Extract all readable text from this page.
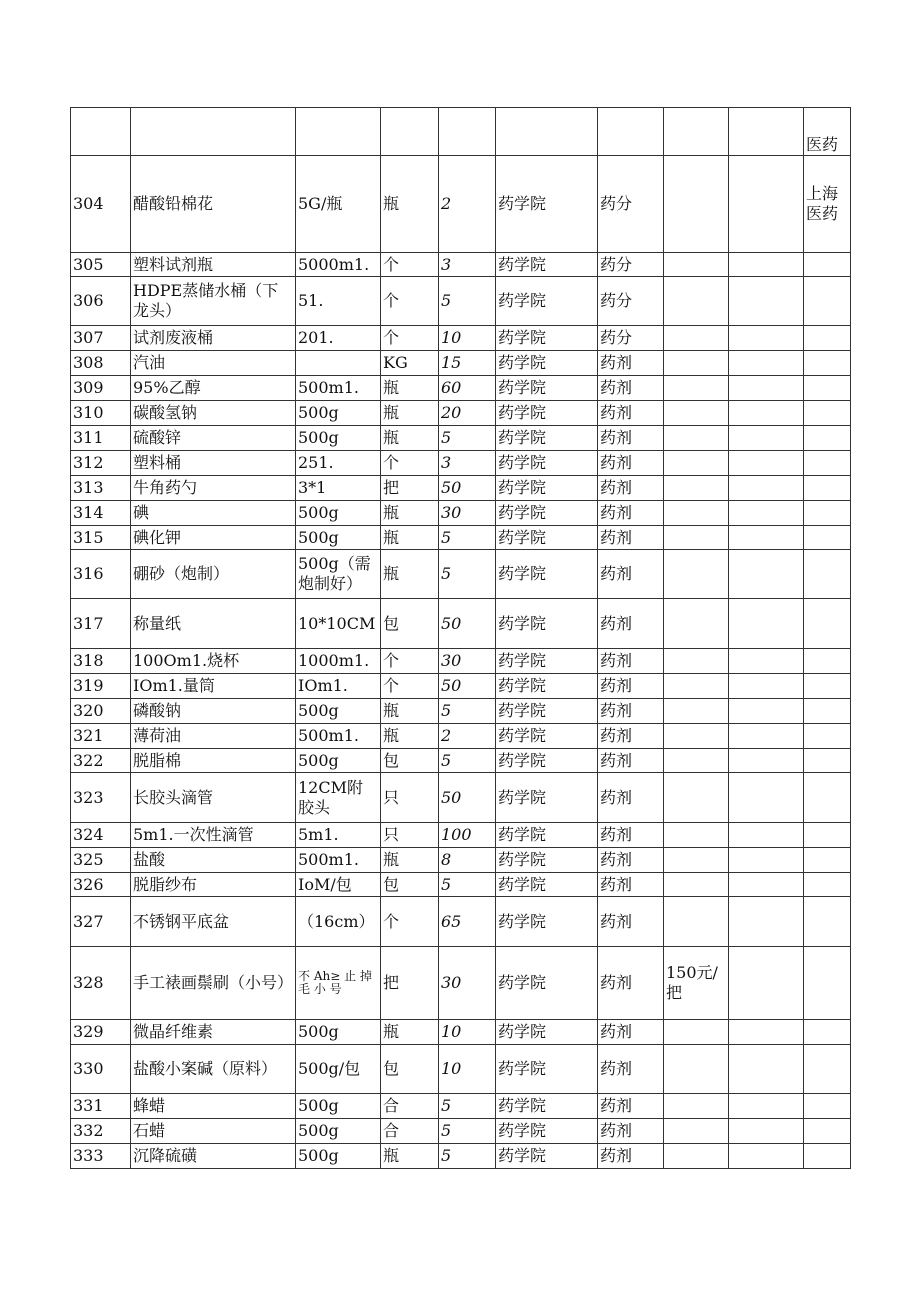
									医药
304	醋酸铅棉花	5G/瓶	瓶	2	药学院	药分			上海医药
305	塑料试剂瓶	5000m1.	个	3	药学院	药分			
306	HDPE蒸储水桶（下龙头）	51.	个	5	药学院	药分			
307	试剂废液桶	201.	个	10	药学院	药分			
308	汽油		KG	15	药学院	药剂			
309	95%乙醇	500m1.	瓶	60	药学院	药剂			
310	碳酸氢钠	500g	瓶	20	药学院	药剂			
311	硫酸锌	500g	瓶	5	药学院	药剂			
312	塑料桶	251.	个	3	药学院	药剂			
313	牛角药勺	3*1	把	50	药学院	药剂			
314	碘	500g	瓶	30	药学院	药剂			
315	碘化钾	500g	瓶	5	药学院	药剂			
316	硼砂（炮制）	500g（需炮制好）	瓶	5	药学院	药剂			
317	称量纸	10*10CM	包	50	药学院	药剂			
318	100Om1.烧杯	1000m1.	个	30	药学院	药剂			
319	IOm1.量筒	IOm1.	个	50	药学院	药剂			
320	磷酸钠	500g	瓶	5	药学院	药剂			
321	薄荷油	500m1.	瓶	2	药学院	药剂			
322	脱脂棉	500g	包	5	药学院	药剂			
323	长胶头滴管	12CM附胶头	只	50	药学院	药剂			
324	5m1.一次性滴管	5m1.	只	100	药学院	药剂			
325	盐酸	500m1.	瓶	8	药学院	药剂			
326	脱脂纱布	IoM/包	包	5	药学院	药剂			
327	不锈钢平底盆	（16cm）	个	65	药学院	药剂			
328	手工裱画鬃刷（小号）	不 Ah≥ 止 掉 毛 小 号	把	30	药学院	药剂	150元/把		
329	微晶纤维素	500g	瓶	10	药学院	药剂			
330	盐酸小案碱（原料）	500g/包	包	10	药学院	药剂			
331	蜂蜡	500g	合	5	药学院	药剂			
332	石蜡	500g	合	5	药学院	药剂			
333	沉降硫磺	500g	瓶	5	药学院	药剂			
